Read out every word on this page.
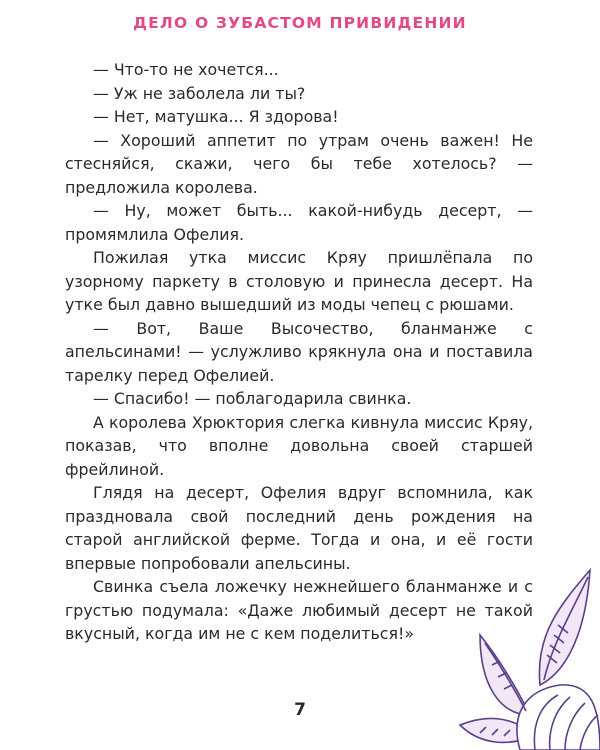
ДЕЛО О ЗУБАСТОМ ПРИВИДЕНИИ

— Что-то не хочется...

— Уж не заболела ли ты?

— Нет, матушка... Я здорова!

— Хороший аппетит по утрам очень важен! Не стесняйся, скажи, чего бы тебе хотелось? — предложила королева.

— Ну, может быть... какой-нибудь десерт, — промямлила Офелия.

Пожилая утка миссис Кряу пришлёпала по узорному паркету в столовую и принесла десерт. На утке был давно вышедший из моды чепец с рюшами.

— Вот, Ваше Высочество, бланманже с апельсинами! — услужливо крякнула она и поставила тарелку перед Офелией.

— Спасибо! — поблагодарила свинка.

А королева Хрюктория слегка кивнула миссис Кряу, показав, что вполне довольна своей старшей фрейлиной.

Глядя на десерт, Офелия вдруг вспомнила, как праздновала свой последний день рождения на старой английской ферме. Тогда и она, и её гости впервые попробовали апельсины.

Свинка съела ложечку нежнейшего бланманже и с грустью подумала: «Даже любимый десерт не такой вкусный, когда им не с кем поделиться!»

7
